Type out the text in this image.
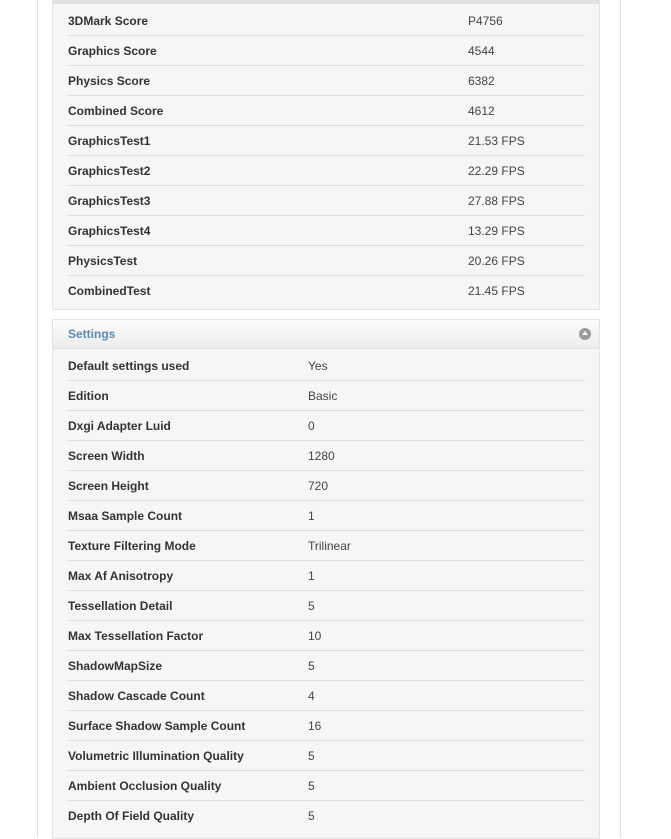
3DMark Score	P4756
Graphics Score	4544
Physics Score	6382
Combined Score	4612
GraphicsTest1	21.53 FPS
GraphicsTest2	22.29 FPS
GraphicsTest3	27.88 FPS
GraphicsTest4	13.29 FPS
PhysicsTest	20.26 FPS
CombinedTest	21.45 FPS
Settings
Default settings used	Yes
Edition	Basic
Dxgi Adapter Luid	0
Screen Width	1280
Screen Height	720
Msaa Sample Count	1
Texture Filtering Mode	Trilinear
Max Af Anisotropy	1
Tessellation Detail	5
Max Tessellation Factor	10
ShadowMapSize	5
Shadow Cascade Count	4
Surface Shadow Sample Count	16
Volumetric Illumination Quality	5
Ambient Occlusion Quality	5
Depth Of Field Quality	5
